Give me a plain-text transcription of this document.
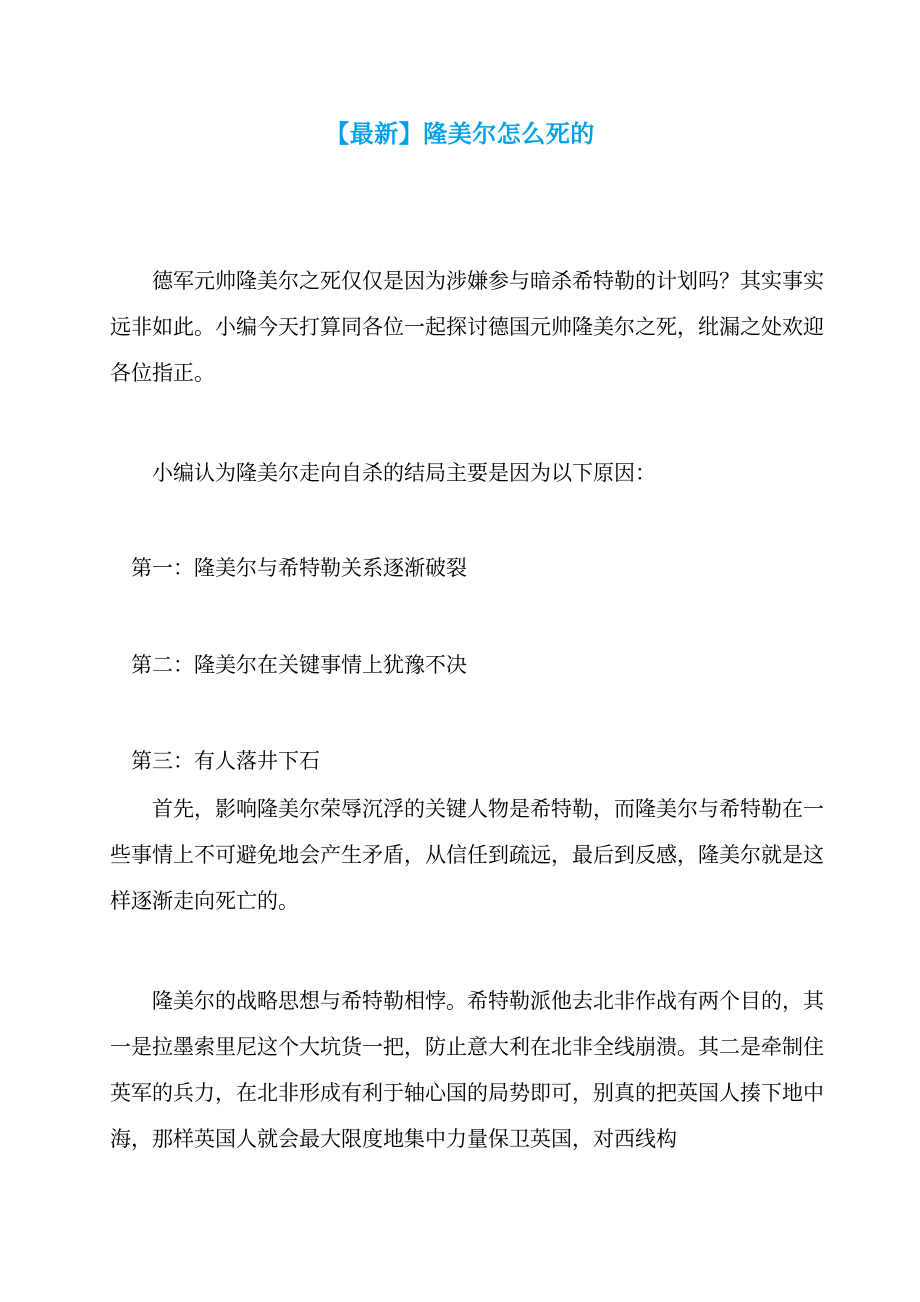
【最新】隆美尔怎么死的

德军元帅隆美尔之死仅仅是因为涉嫌参与暗杀希特勒的计划吗？其实事实远非如此。小编今天打算同各位一起探讨德国元帅隆美尔之死，纰漏之处欢迎各位指正。

小编认为隆美尔走向自杀的结局主要是因为以下原因：

第一：隆美尔与希特勒关系逐渐破裂

第二：隆美尔在关键事情上犹豫不决

第三：有人落井下石

首先，影响隆美尔荣辱沉浮的关键人物是希特勒，而隆美尔与希特勒在一些事情上不可避免地会产生矛盾，从信任到疏远，最后到反感，隆美尔就是这样逐渐走向死亡的。

隆美尔的战略思想与希特勒相悖。希特勒派他去北非作战有两个目的，其一是拉墨索里尼这个大坑货一把，防止意大利在北非全线崩溃。其二是牵制住英军的兵力，在北非形成有利于轴心国的局势即可，别真的把英国人揍下地中海，那样英国人就会最大限度地集中力量保卫英国，对西线构
